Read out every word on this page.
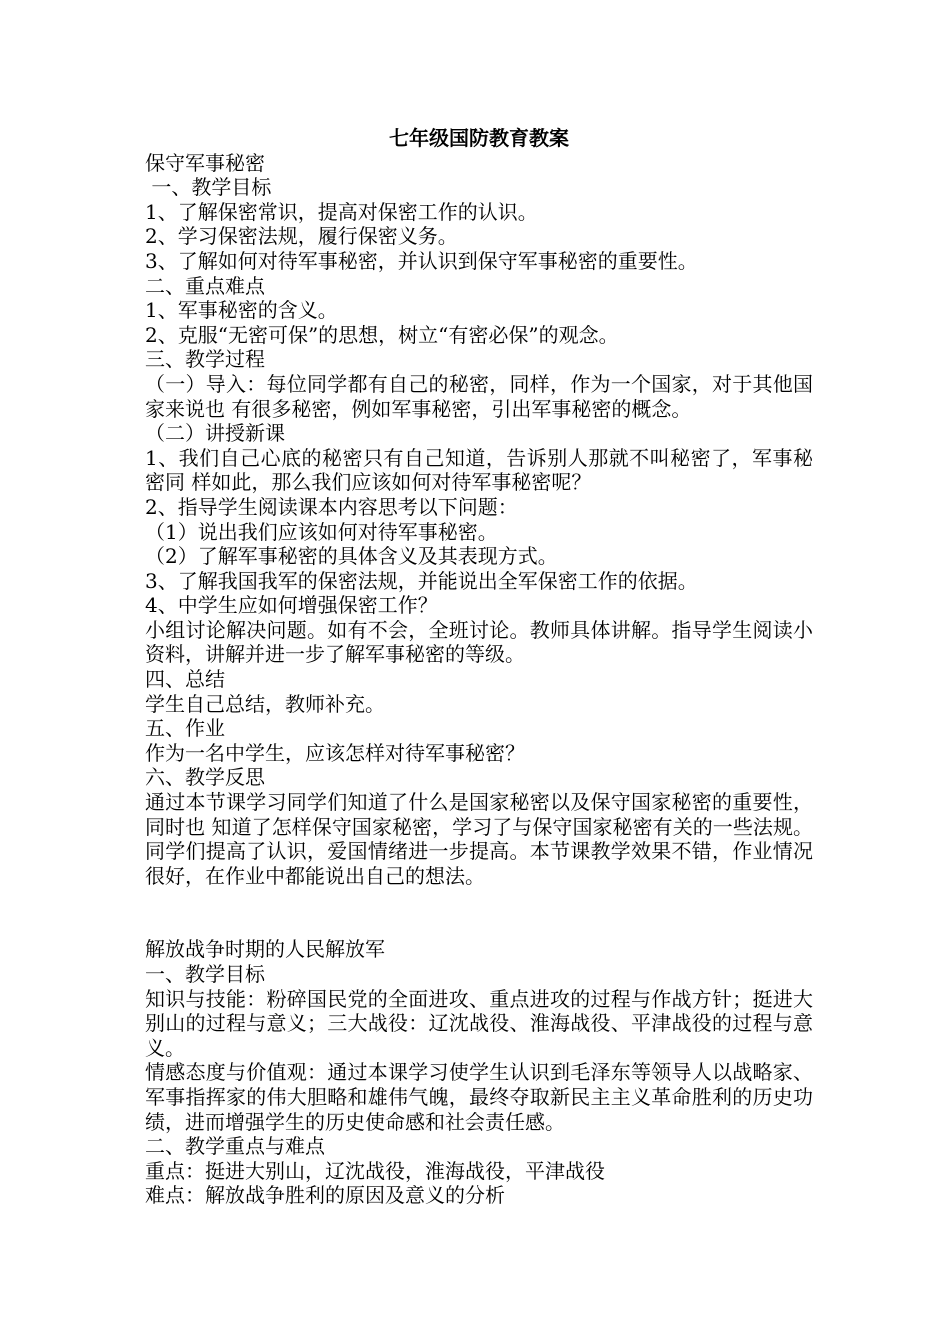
七年级国防教育教案

保守军事秘密

一、教学目标

1、了解保密常识，提高对保密工作的认识。

2、学习保密法规，履行保密义务。

3、了解如何对待军事秘密，并认识到保守军事秘密的重要性。

二、重点难点

1、军事秘密的含义。

2、克服“无密可保”的思想，树立“有密必保”的观念。

三、教学过程

（一）导入：每位同学都有自己的秘密，同样，作为一个国家，对于其他国家来说也 有很多秘密，例如军事秘密，引出军事秘密的概念。

（二）讲授新课

1、我们自己心底的秘密只有自己知道，告诉别人那就不叫秘密了，军事秘密同 样如此，那么我们应该如何对待军事秘密呢？

2、指导学生阅读课本内容思考以下问题：

（1）说出我们应该如何对待军事秘密。

（2）了解军事秘密的具体含义及其表现方式。

3、了解我国我军的保密法规，并能说出全军保密工作的依据。

4、中学生应如何增强保密工作？

小组讨论解决问题。如有不会，全班讨论。教师具体讲解。指导学生阅读小资料，讲解并进一步了解军事秘密的等级。

四、总结

学生自己总结，教师补充。

五、作业

作为一名中学生，应该怎样对待军事秘密？

六、教学反思

通过本节课学习同学们知道了什么是国家秘密以及保守国家秘密的重要性，同时也 知道了怎样保守国家秘密，学习了与保守国家秘密有关的一些法规。同学们提高了认识，爱国情绪进一步提高。本节课教学效果不错，作业情况很好，在作业中都能说出自己的想法。

解放战争时期的人民解放军

一、教学目标

知识与技能：粉碎国民党的全面进攻、重点进攻的过程与作战方针；挺进大别山的过程与意义；三大战役：辽沈战役、淮海战役、平津战役的过程与意义。

情感态度与价值观：通过本课学习使学生认识到毛泽东等领导人以战略家、军事指挥家的伟大胆略和雄伟气魄，最终夺取新民主主义革命胜利的历史功绩，进而增强学生的历史使命感和社会责任感。

二、教学重点与难点

重点：挺进大别山，辽沈战役，淮海战役，平津战役

难点：解放战争胜利的原因及意义的分析
